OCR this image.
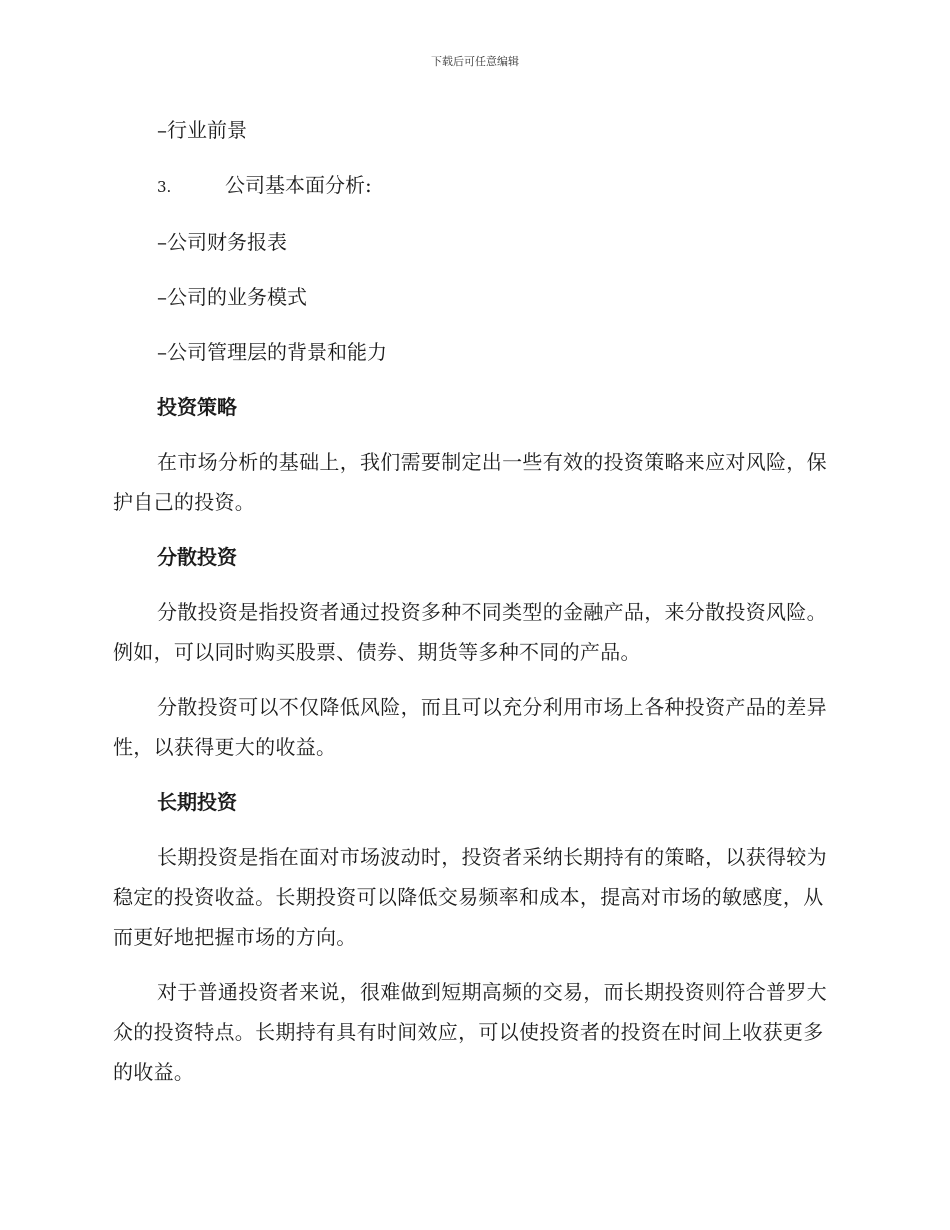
下载后可任意编辑

–行业前景

3.	公司基本面分析:

–公司财务报表

–公司的业务模式

–公司管理层的背景和能力

投资策略

在市场分析的基础上，我们需要制定出一些有效的投资策略来应对风险，保护自己的投资。

分散投资

分散投资是指投资者通过投资多种不同类型的金融产品，来分散投资风险。例如，可以同时购买股票、债券、期货等多种不同的产品。

分散投资可以不仅降低风险，而且可以充分利用市场上各种投资产品的差异性，以获得更大的收益。

长期投资

长期投资是指在面对市场波动时，投资者采纳长期持有的策略，以获得较为稳定的投资收益。长期投资可以降低交易频率和成本，提高对市场的敏感度，从而更好地把握市场的方向。

对于普通投资者来说，很难做到短期高频的交易，而长期投资则符合普罗大众的投资特点。长期持有具有时间效应，可以使投资者的投资在时间上收获更多的收益。
